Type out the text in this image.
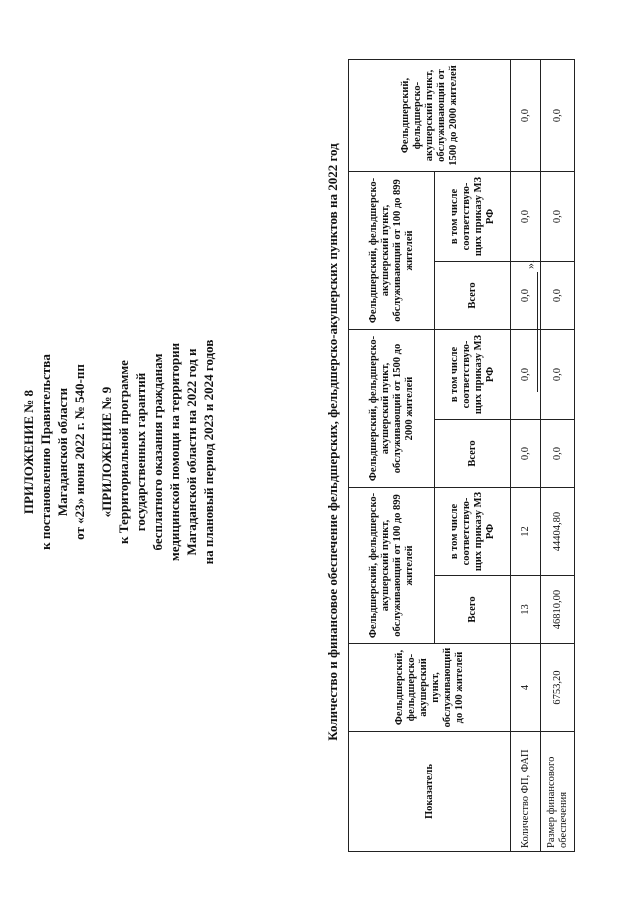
ПРИЛОЖЕНИЕ № 8 к постановлению Правительства Магаданской области от «23» июня 2022 г. № 540-пп «ПРИЛОЖЕНИЕ № 9 к Территориальной программе государственных гарантий бесплатного оказания гражданам медицинской помощи на территории Магаданской области на 2022 год и на плановый период 2023 и 2024 годов	Количество и финансовое обеспечение фельдшерских, фельдшерско-акушерских пунктов на 2022 год
Показатель	Фельдшерский, фельдшерско-акушерский пункт, обслуживающий до 100 жителей	Фельдшерский, фельдшерско-акушерский пункт, обслуживающий от 100 до 899 жителей		Фельдшерский, фельдшерско-акушерский пункт, обслуживающий от 1500 до 2000 жителей		Фельдшерский, фельдшерско-акушерский пункт, обслуживающий от 100 до 899 жителей		Фельдшерский, фельдшерско-акушерский пункт, обслуживающий от 1500 до 2000 жителей
		Всего	в том числе соответствую-щих приказу МЗ РФ	Всего	в том числе соответствую-щих приказу МЗ РФ	Всего	в том числе соответствую-щих приказу МЗ РФ	
Количество ФП, ФАП	4	13	12	0,0	0,0	0,0	0,0	0,0
Размер финансового обеспечения	6753,20	46810,00	44404,80	0,0	0,0	0,0	0,0	0,0
».
